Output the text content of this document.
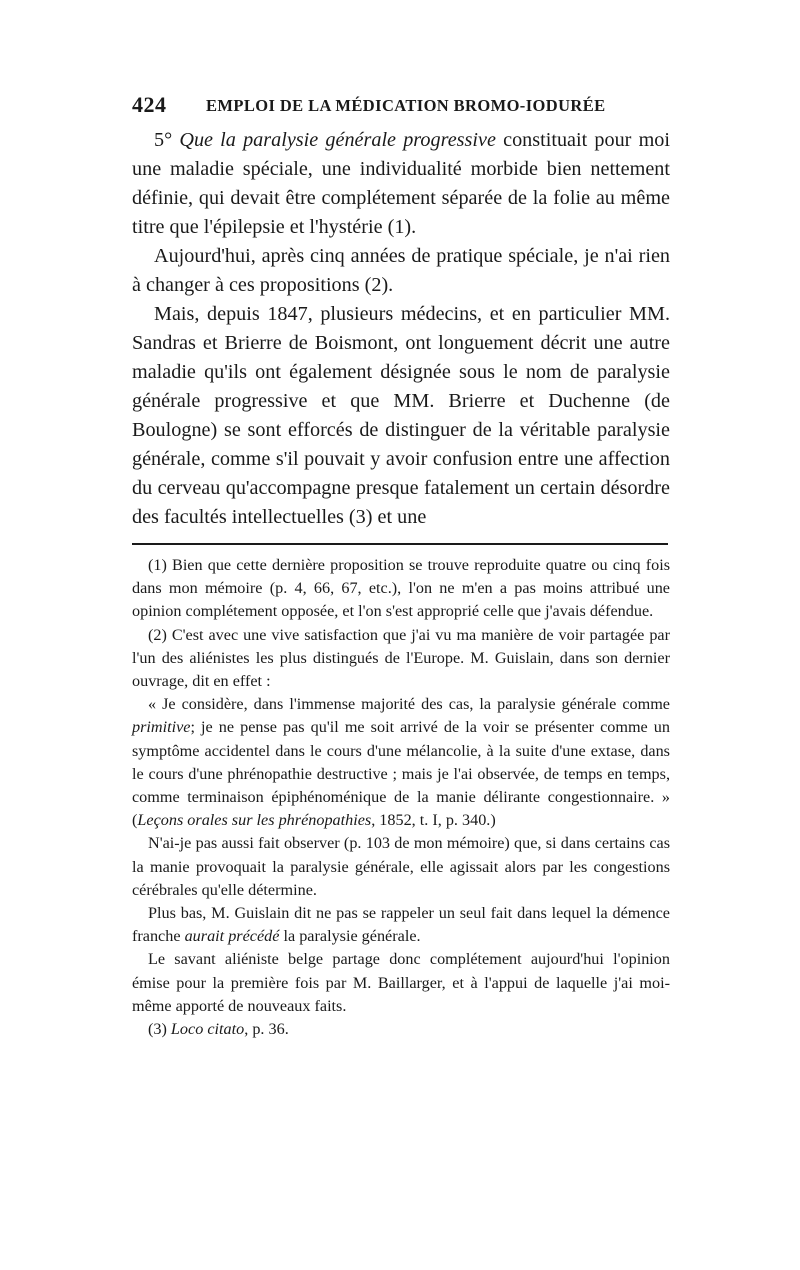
424 EMPLOI DE LA MÉDICATION BROMO-IODURÉE

5° Que la paralysie générale progressive constituait pour moi une maladie spéciale, une individualité morbide bien nettement définie, qui devait être complétement séparée de la folie au même titre que l'épilepsie et l'hystérie (1).

Aujourd'hui, après cinq années de pratique spéciale, je n'ai rien à changer à ces propositions (2).

Mais, depuis 1847, plusieurs médecins, et en particulier MM. Sandras et Brierre de Boismont, ont longuement décrit une autre maladie qu'ils ont également désignée sous le nom de paralysie générale progressive et que MM. Brierre et Duchenne (de Boulogne) se sont efforcés de distinguer de la véritable paralysie générale, comme s'il pouvait y avoir confusion entre une affection du cerveau qu'accompagne presque fatalement un certain désordre des facultés intellectuelles (3) et une

(1) Bien que cette dernière proposition se trouve reproduite quatre ou cinq fois dans mon mémoire (p. 4, 66, 67, etc.), l'on ne m'en a pas moins attribué une opinion complétement opposée, et l'on s'est approprié celle que j'avais défendue.

(2) C'est avec une vive satisfaction que j'ai vu ma manière de voir partagée par l'un des aliénistes les plus distingués de l'Europe. M. Guislain, dans son dernier ouvrage, dit en effet :

« Je considère, dans l'immense majorité des cas, la paralysie générale comme primitive; je ne pense pas qu'il me soit arrivé de la voir se présenter comme un symptôme accidentel dans le cours d'une mélancolie, à la suite d'une extase, dans le cours d'une phrénopathie destructive ; mais je l'ai observée, de temps en temps, comme terminaison épiphénoménique de la manie délirante congestionnaire. » (Leçons orales sur les phrénopathies, 1852, t. I, p. 340.)

N'ai-je pas aussi fait observer (p. 103 de mon mémoire) que, si dans certains cas la manie provoquait la paralysie générale, elle agissait alors par les congestions cérébrales qu'elle détermine.

Plus bas, M. Guislain dit ne pas se rappeler un seul fait dans lequel la démence franche aurait précédé la paralysie générale.

Le savant aliéniste belge partage donc complétement aujourd'hui l'opinion émise pour la première fois par M. Baillarger, et à l'appui de laquelle j'ai moi-même apporté de nouveaux faits.

(3) Loco citato, p. 36.
